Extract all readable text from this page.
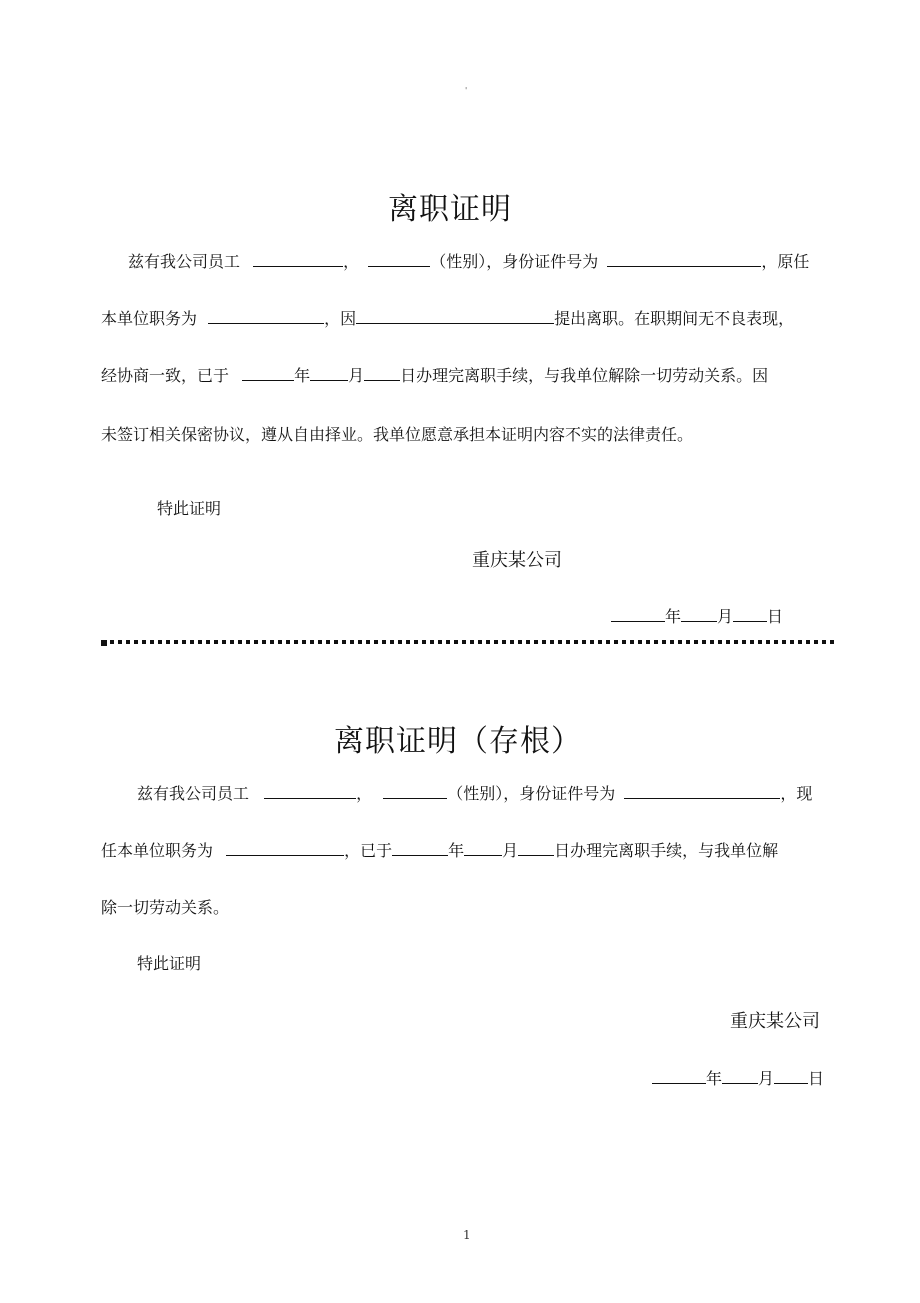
'
离职证明
兹有我公司员工	，	（性别），身份证件号为	，原任
本单位职务为	，因	提出离职。在职期间无不良表现，
经协商一致，已于	年 月 日办理完离职手续，与我单位解除一切劳动关系。因
未签订相关保密协议，遵从自由择业。我单位愿意承担本证明内容不实的法律责任。
特此证明
重庆某公司
年 月 日
离职证明（存根）
兹有我公司员工	，	（性别），身份证件号为	，现
任本单位职务为	，已于	年 月 日办理完离职手续，与我单位解
除一切劳动关系。
特此证明
重庆某公司
年 月 日
1
